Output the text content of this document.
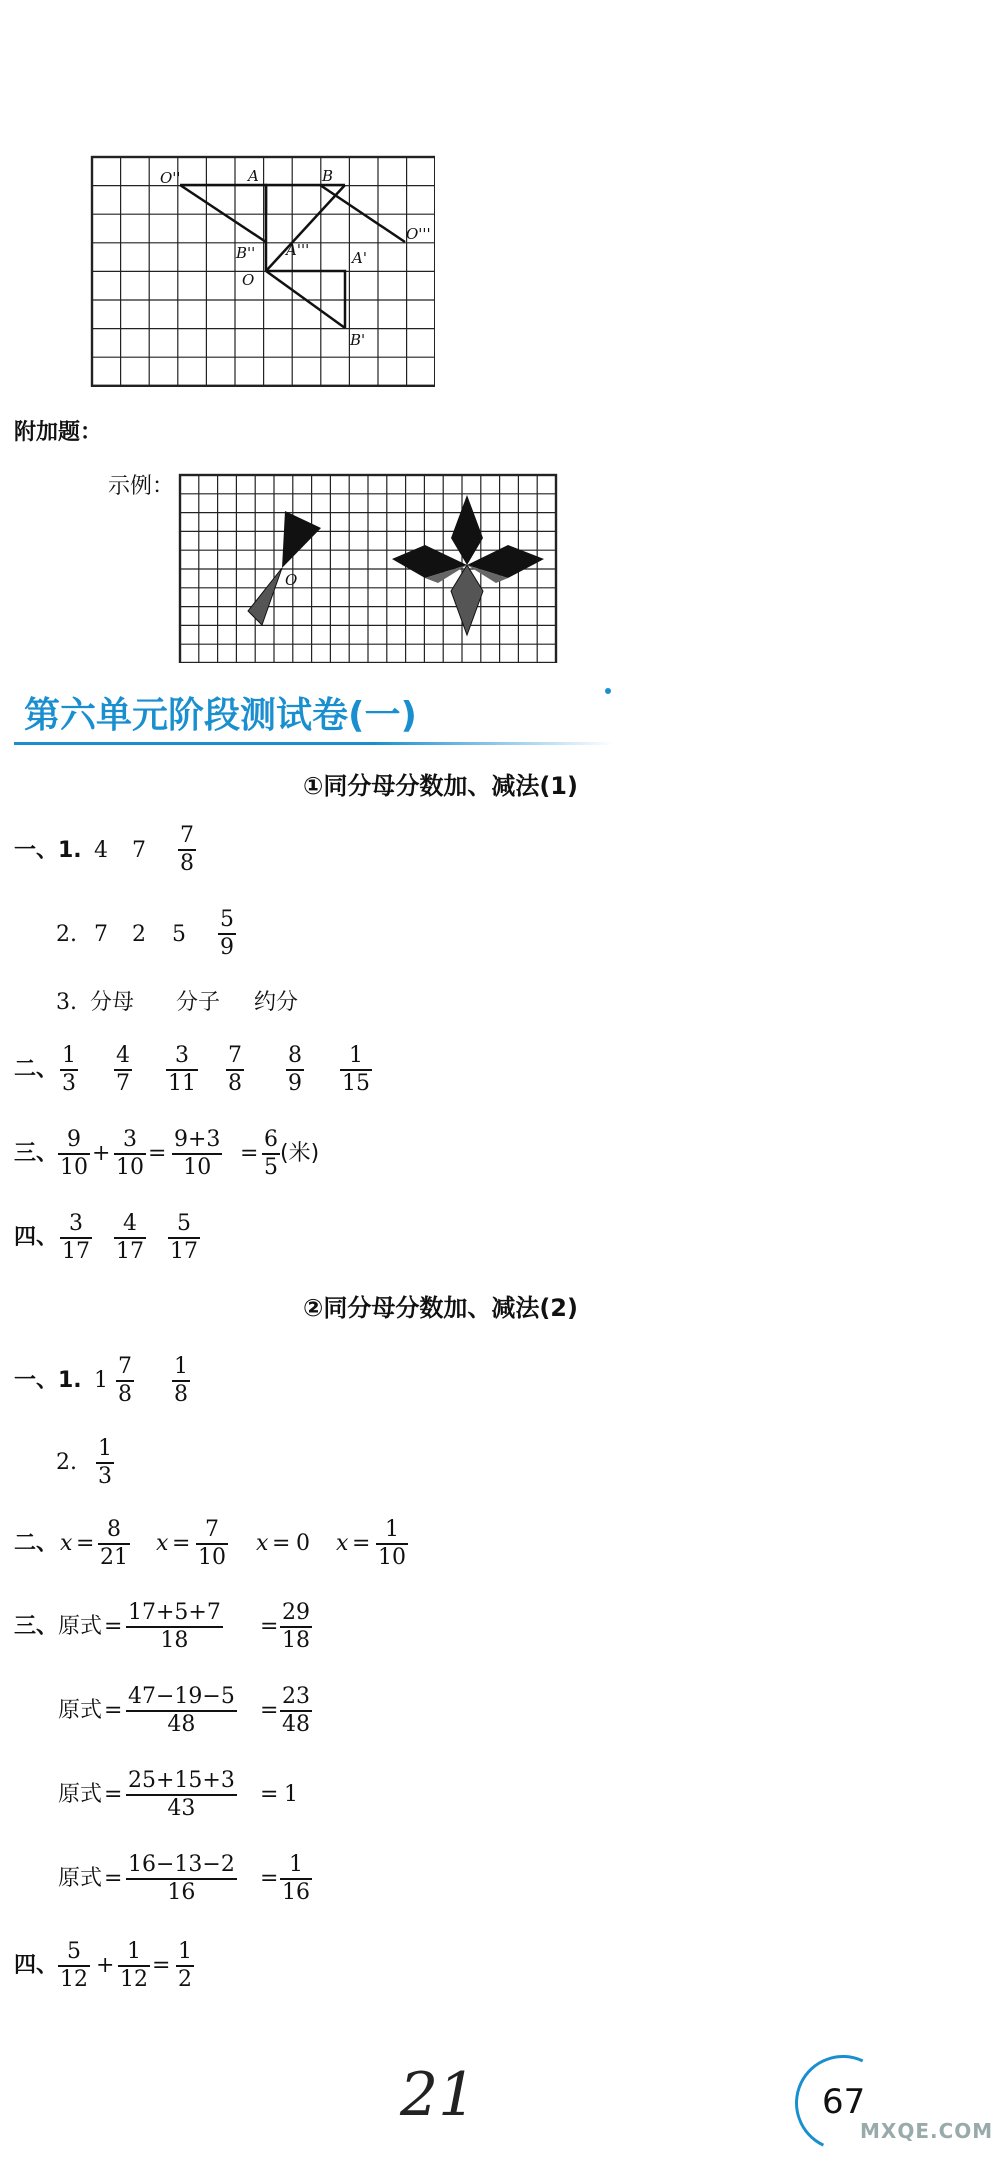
O''	A	B
O'''
B'' A'''	A'
O
B'
附加题：
示例：
O
第六单元阶段测试卷(一)
①同分母分数加、减法(1)
一、1. 4 7
7
8
2. 7 2 5
5
9
3. 分母 分子 约分
二、
三、
9
10
+
3
10
=
9+3
10
=
6
5
(米)
四、
②同分母分数加、减法(2)
一、1. 1
7
8
1
8
2.
1
3
二、 x =
8
21
x =
7
10
x = 0 x =
1
10
三、
四、
5
12
+
1
12
=
1
2
21	67
MXQE.COM
1
3
4
7
3
11
7
8
8
9
1
15
3
17
4
17
5
17
原式 =
17+5+7
18
=
29
18
原式 =
47−19−5
48
=
23
48
原式 =
25+15+3
43
= 1
原式 =
16−13−2
16
=
1
16
